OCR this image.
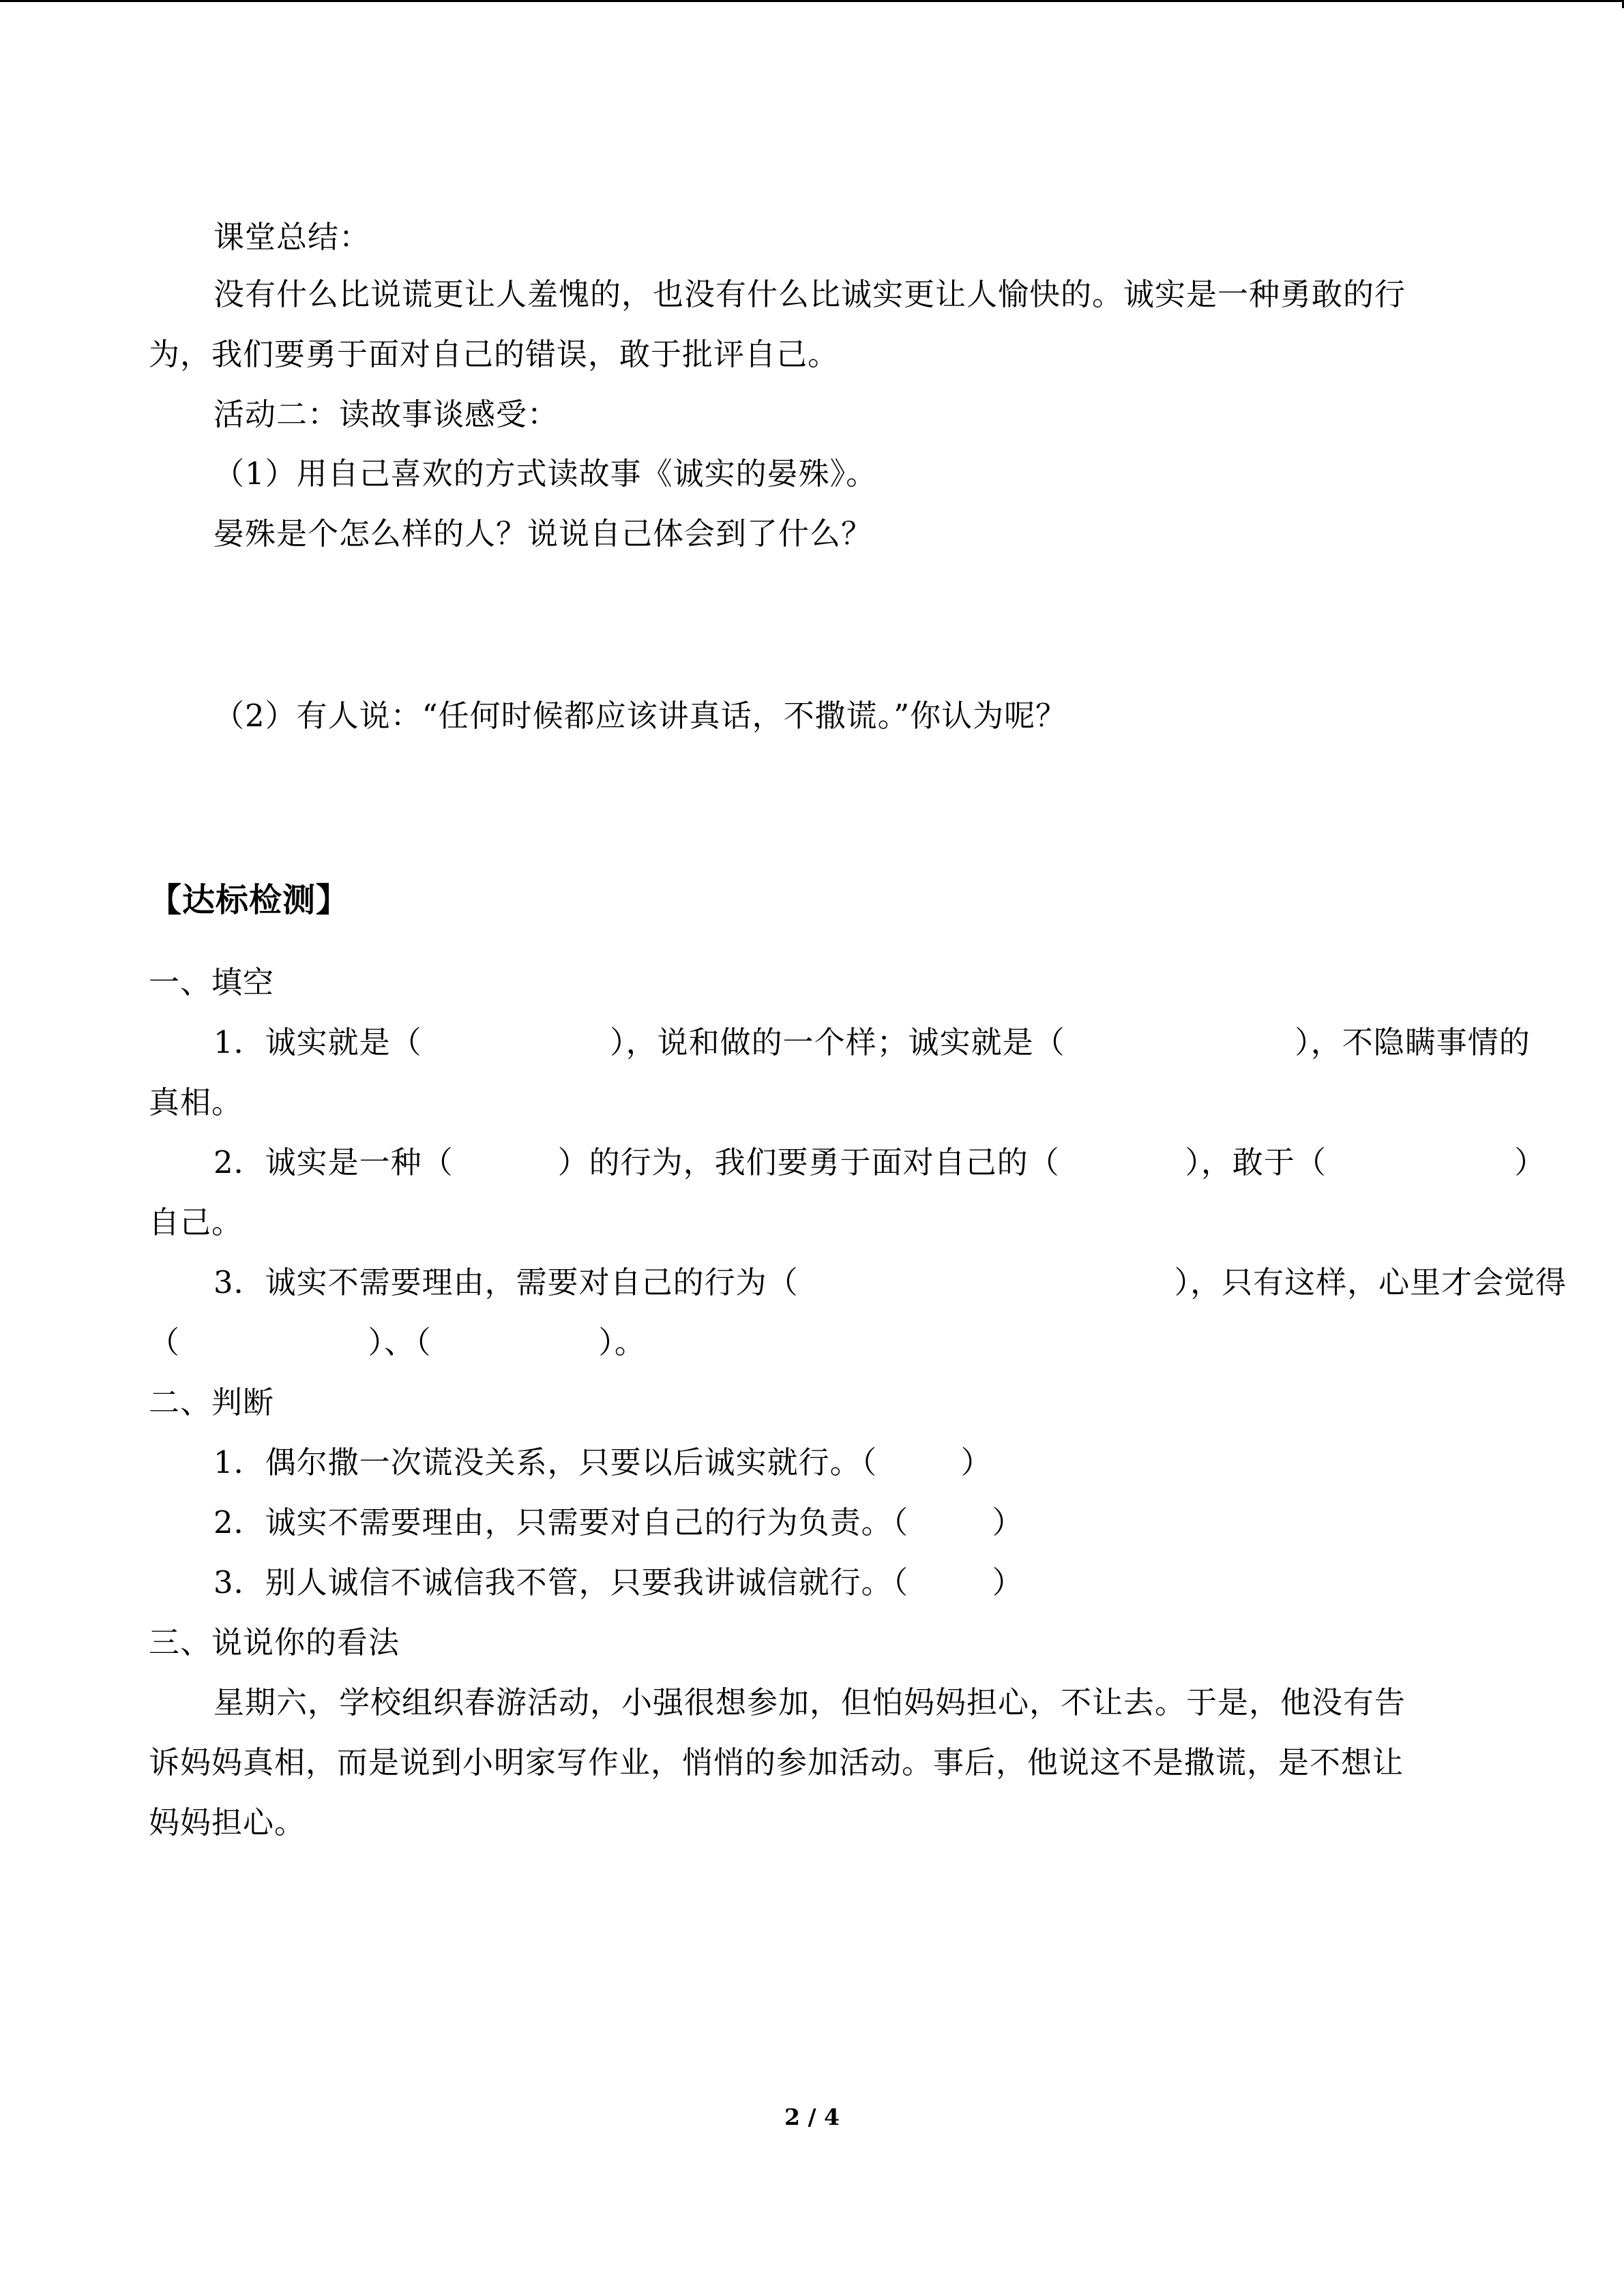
课堂总结：
没有什么比说谎更让人羞愧的，也没有什么比诚实更让人愉快的。诚实是一种勇敢的行
为，我们要勇于面对自己的错误，敢于批评自己。
活动二：读故事谈感受：
（1）用自己喜欢的方式读故事《诚实的晏殊》。
晏殊是个怎么样的人？说说自己体会到了什么？
（2）有人说：“任何时候都应该讲真话，不撒谎。”你认为呢？
【达标检测】
一、填空
1．诚实就是（                  ），说和做的一个样；诚实就是（                      ），不隐瞒事情的
真相。
2．诚实是一种（          ）的行为，我们要勇于面对自己的（            ），敢于（                  ）
自己。
3．诚实不需要理由，需要对自己的行为（                                    ），只有这样，心里才会觉得
（                  ）、（                ）。
二、判断
1．偶尔撒一次谎没关系，只要以后诚实就行。（        ）
2．诚实不需要理由，只需要对自己的行为负责。（        ）
3．别人诚信不诚信我不管，只要我讲诚信就行。（        ）
三、说说你的看法
星期六，学校组织春游活动，小强很想参加，但怕妈妈担心，不让去。于是，他没有告
诉妈妈真相，而是说到小明家写作业，悄悄的参加活动。事后，他说这不是撒谎，是不想让
妈妈担心。
2 / 4
